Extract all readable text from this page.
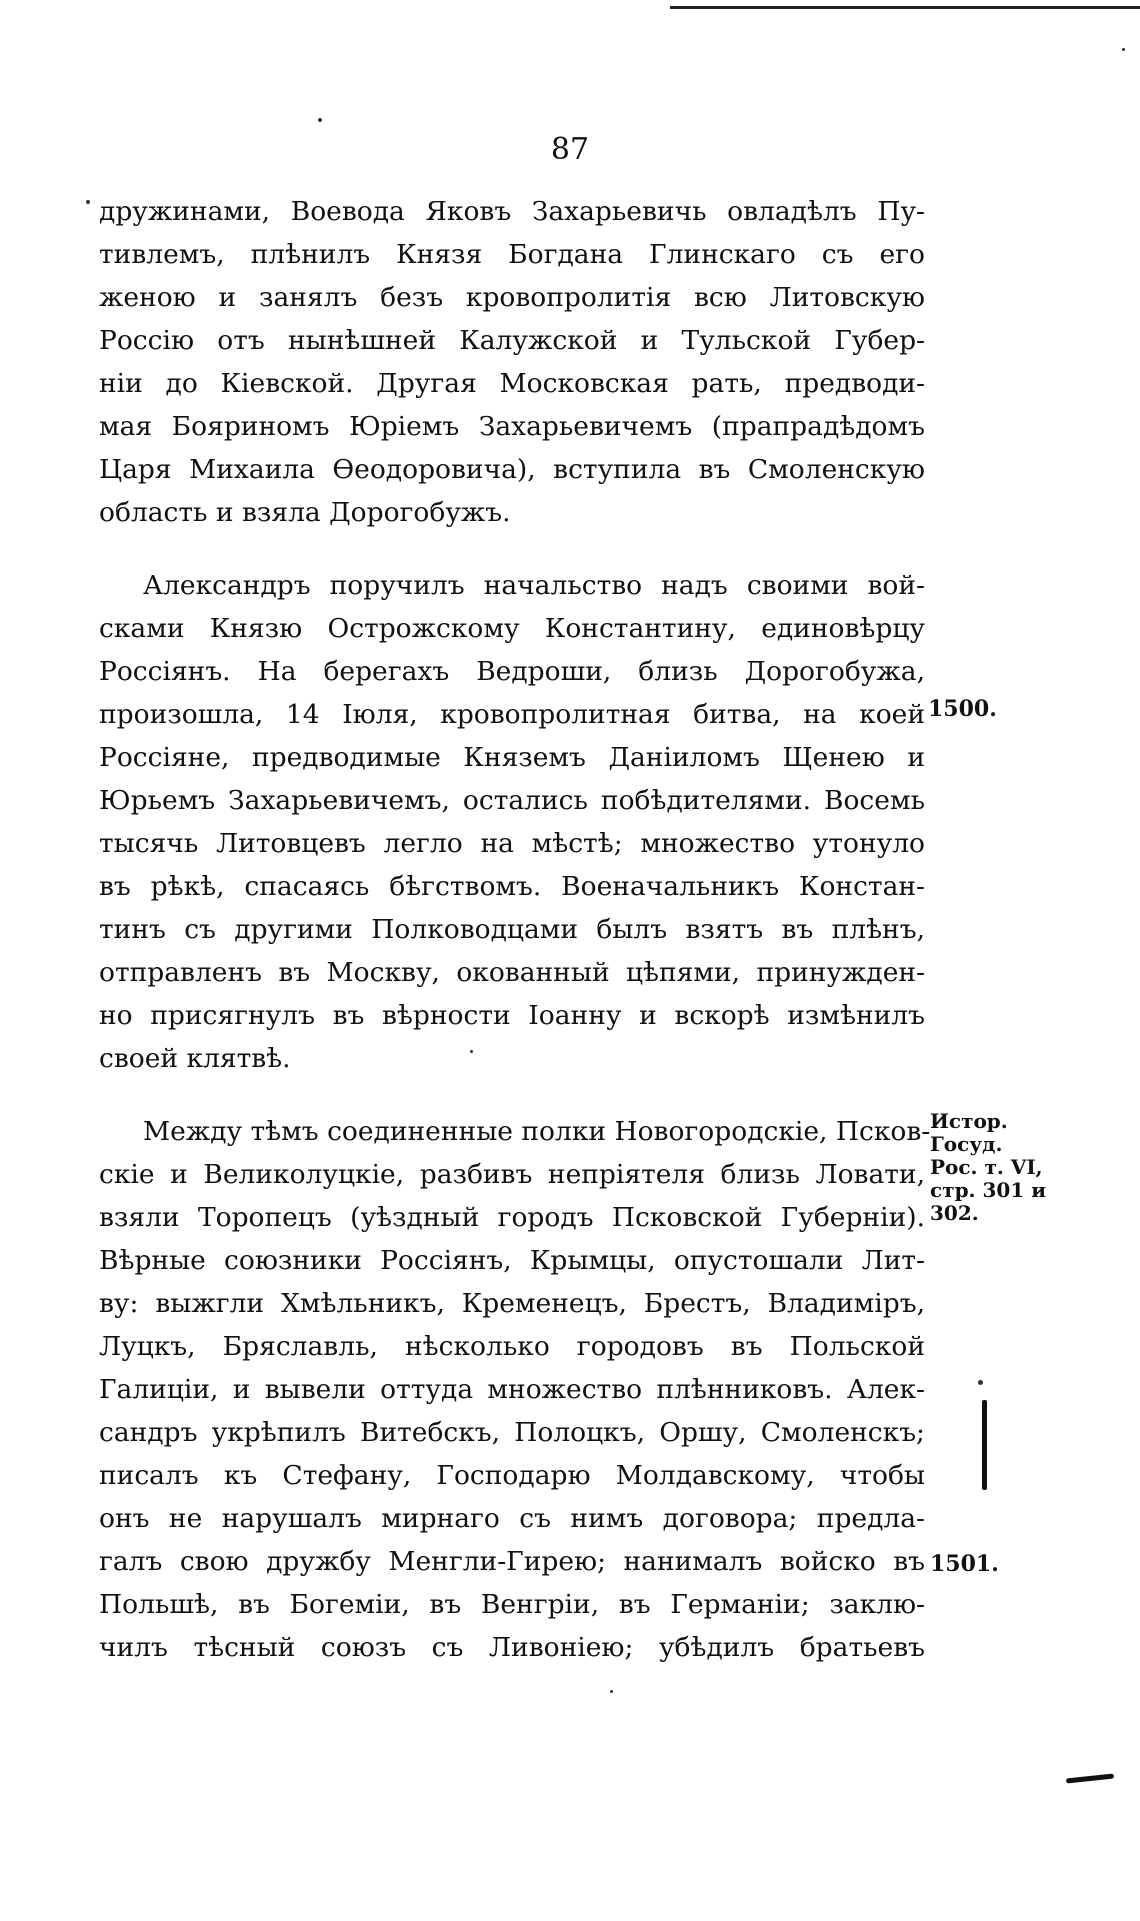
87

дружинами, Воевода Яковъ Захарьевичь овладѣлъ Пу-
тивлемъ, плѣнилъ Князя Богдана Глинскаго съ его
женою и занялъ безъ кровопролитія всю Литовскую
Россію отъ нынѣшней Калужской и Тульской Губер-
ніи до Кіевской. Другая Московская рать, предводи-
мая Бояриномъ Юріемъ Захарьевичемъ (прапрадѣдомъ
Царя Михаила Ѳеодоровича), вступила въ Смоленскую
область и взяла Дорогобужъ.

Александръ поручилъ начальство надъ своими вой-
сками Князю Острожскому Константину, единовѣрцу
Россіянъ. На берегахъ Ведроши, близь Дорогобужа,
произошла, 14 Іюля, кровопролитная битва, на коей
Россіяне, предводимые Княземъ Даніиломъ Щенею и
Юрьемъ Захарьевичемъ, остались побѣдителями. Восемь
тысячь Литовцевъ легло на мѣстѣ; множество утонуло
въ рѣкѣ, спасаясь бѣгствомъ. Военачальникъ Констан-
тинъ съ другими Полководцами былъ взятъ въ плѣнъ,
отправленъ въ Москву, окованный цѣпями, принужден-
но присягнулъ въ вѣрности Іоанну и вскорѣ измѣнилъ
своей клятвѣ.

Между тѣмъ соединенные полки Новогородскіе, Псков-
скіе и Великолуцкіе, разбивъ непріятеля близь Ловати,
взяли Торопецъ (уѣздный городъ Псковской Губерніи).
Вѣрные союзники Россіянъ, Крымцы, опустошали Лит-
ву: выжгли Хмѣльникъ, Кременецъ, Брестъ, Владиміръ,
Луцкъ, Бряславль, нѣсколько городовъ въ Польской
Галиціи, и вывели оттуда множество плѣнниковъ. Алек-
сандръ укрѣпилъ Витебскъ, Полоцкъ, Оршу, Смоленскъ;
писалъ къ Стефану, Господарю Молдавскому, чтобы
онъ не нарушалъ мирнаго съ нимъ договора; предла-
галъ свою дружбу Менгли-Гирею; нанималъ войско въ
Польшѣ, въ Богеміи, въ Венгріи, въ Германіи; заклю-
чилъ тѣсный союзъ съ Ливоніею; убѣдилъ братьевъ

1500.
Истор.
Госуд.
Рос. т. VI,
стр. 301 и
302.
1501.
